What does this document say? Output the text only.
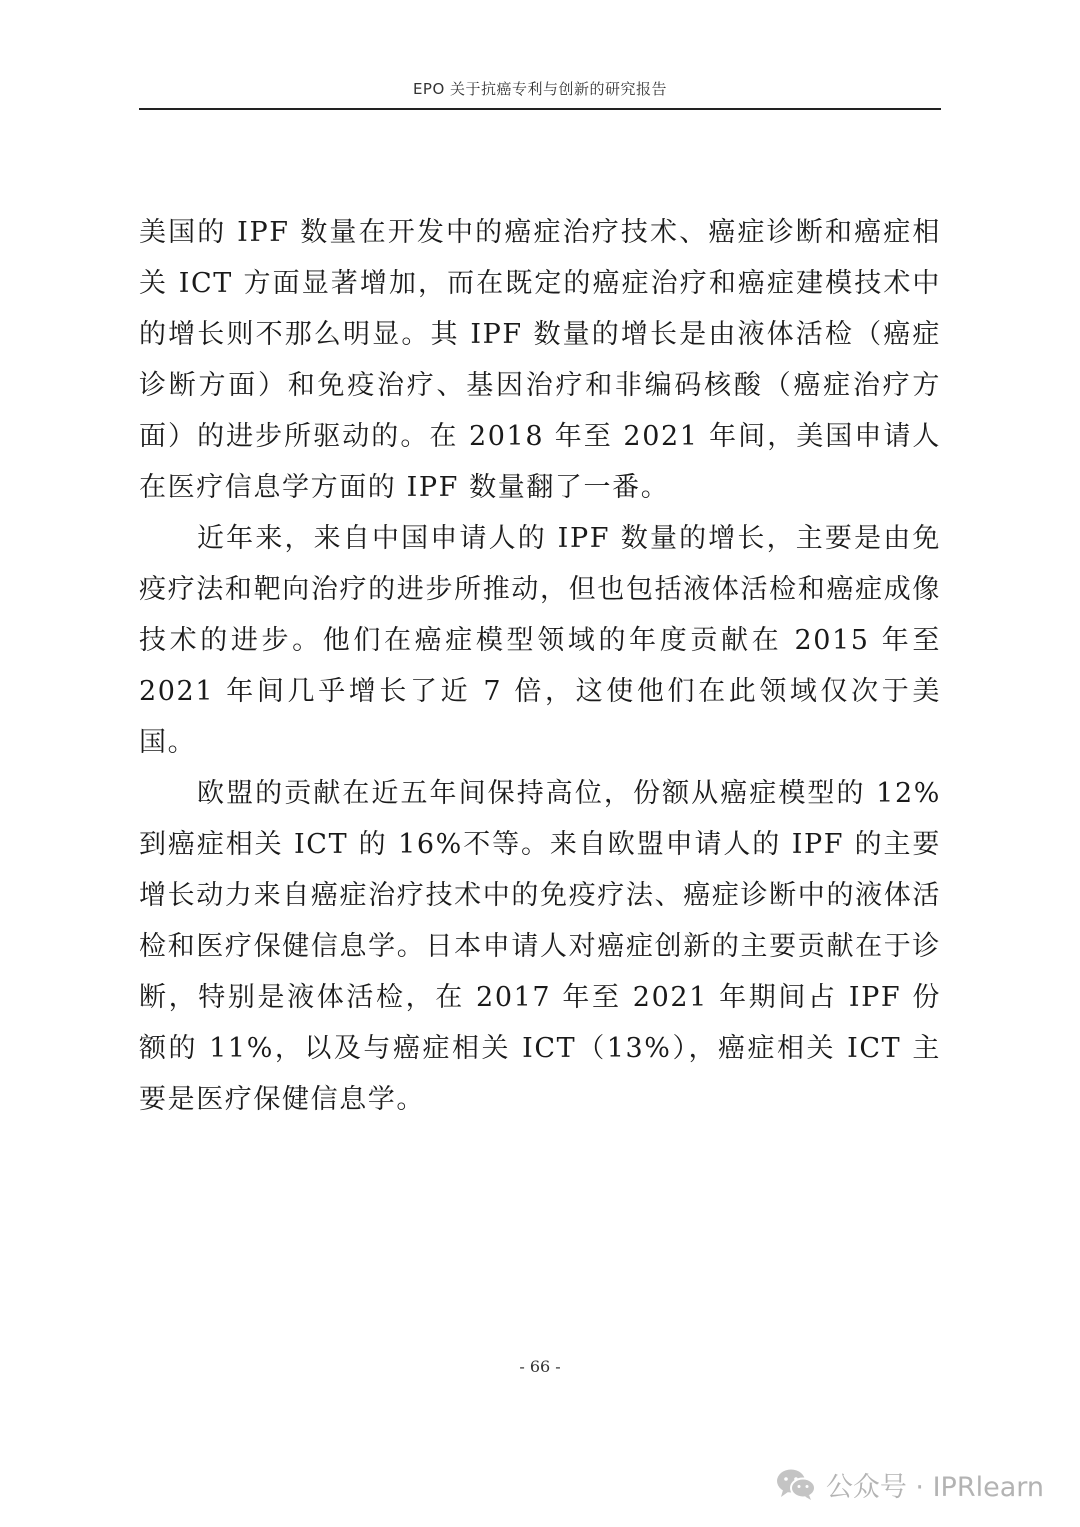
EPO 关于抗癌专利与创新的研究报告

美国的 IPF 数量在开发中的癌症治疗技术、癌症诊断和癌症相关 ICT 方面显著增加，而在既定的癌症治疗和癌症建模技术中的增长则不那么明显。其 IPF 数量的增长是由液体活检（癌症诊断方面）和免疫治疗、基因治疗和非编码核酸（癌症治疗方面）的进步所驱动的。在 2018 年至 2021 年间，美国申请人在医疗信息学方面的 IPF 数量翻了一番。

近年来，来自中国申请人的 IPF 数量的增长，主要是由免疫疗法和靶向治疗的进步所推动，但也包括液体活检和癌症成像技术的进步。他们在癌症模型领域的年度贡献在 2015 年至 2021 年间几乎增长了近 7 倍，这使他们在此领域仅次于美国。

欧盟的贡献在近五年间保持高位，份额从癌症模型的 12% 到癌症相关 ICT 的 16%不等。来自欧盟申请人的 IPF 的主要增长动力来自癌症治疗技术中的免疫疗法、癌症诊断中的液体活检和医疗保健信息学。日本申请人对癌症创新的主要贡献在于诊断，特别是液体活检，在 2017 年至 2021 年期间占 IPF 份额的 11%，以及与癌症相关 ICT（13%），癌症相关 ICT 主要是医疗保健信息学。

- 66 -
公众号 · IPRlearn
